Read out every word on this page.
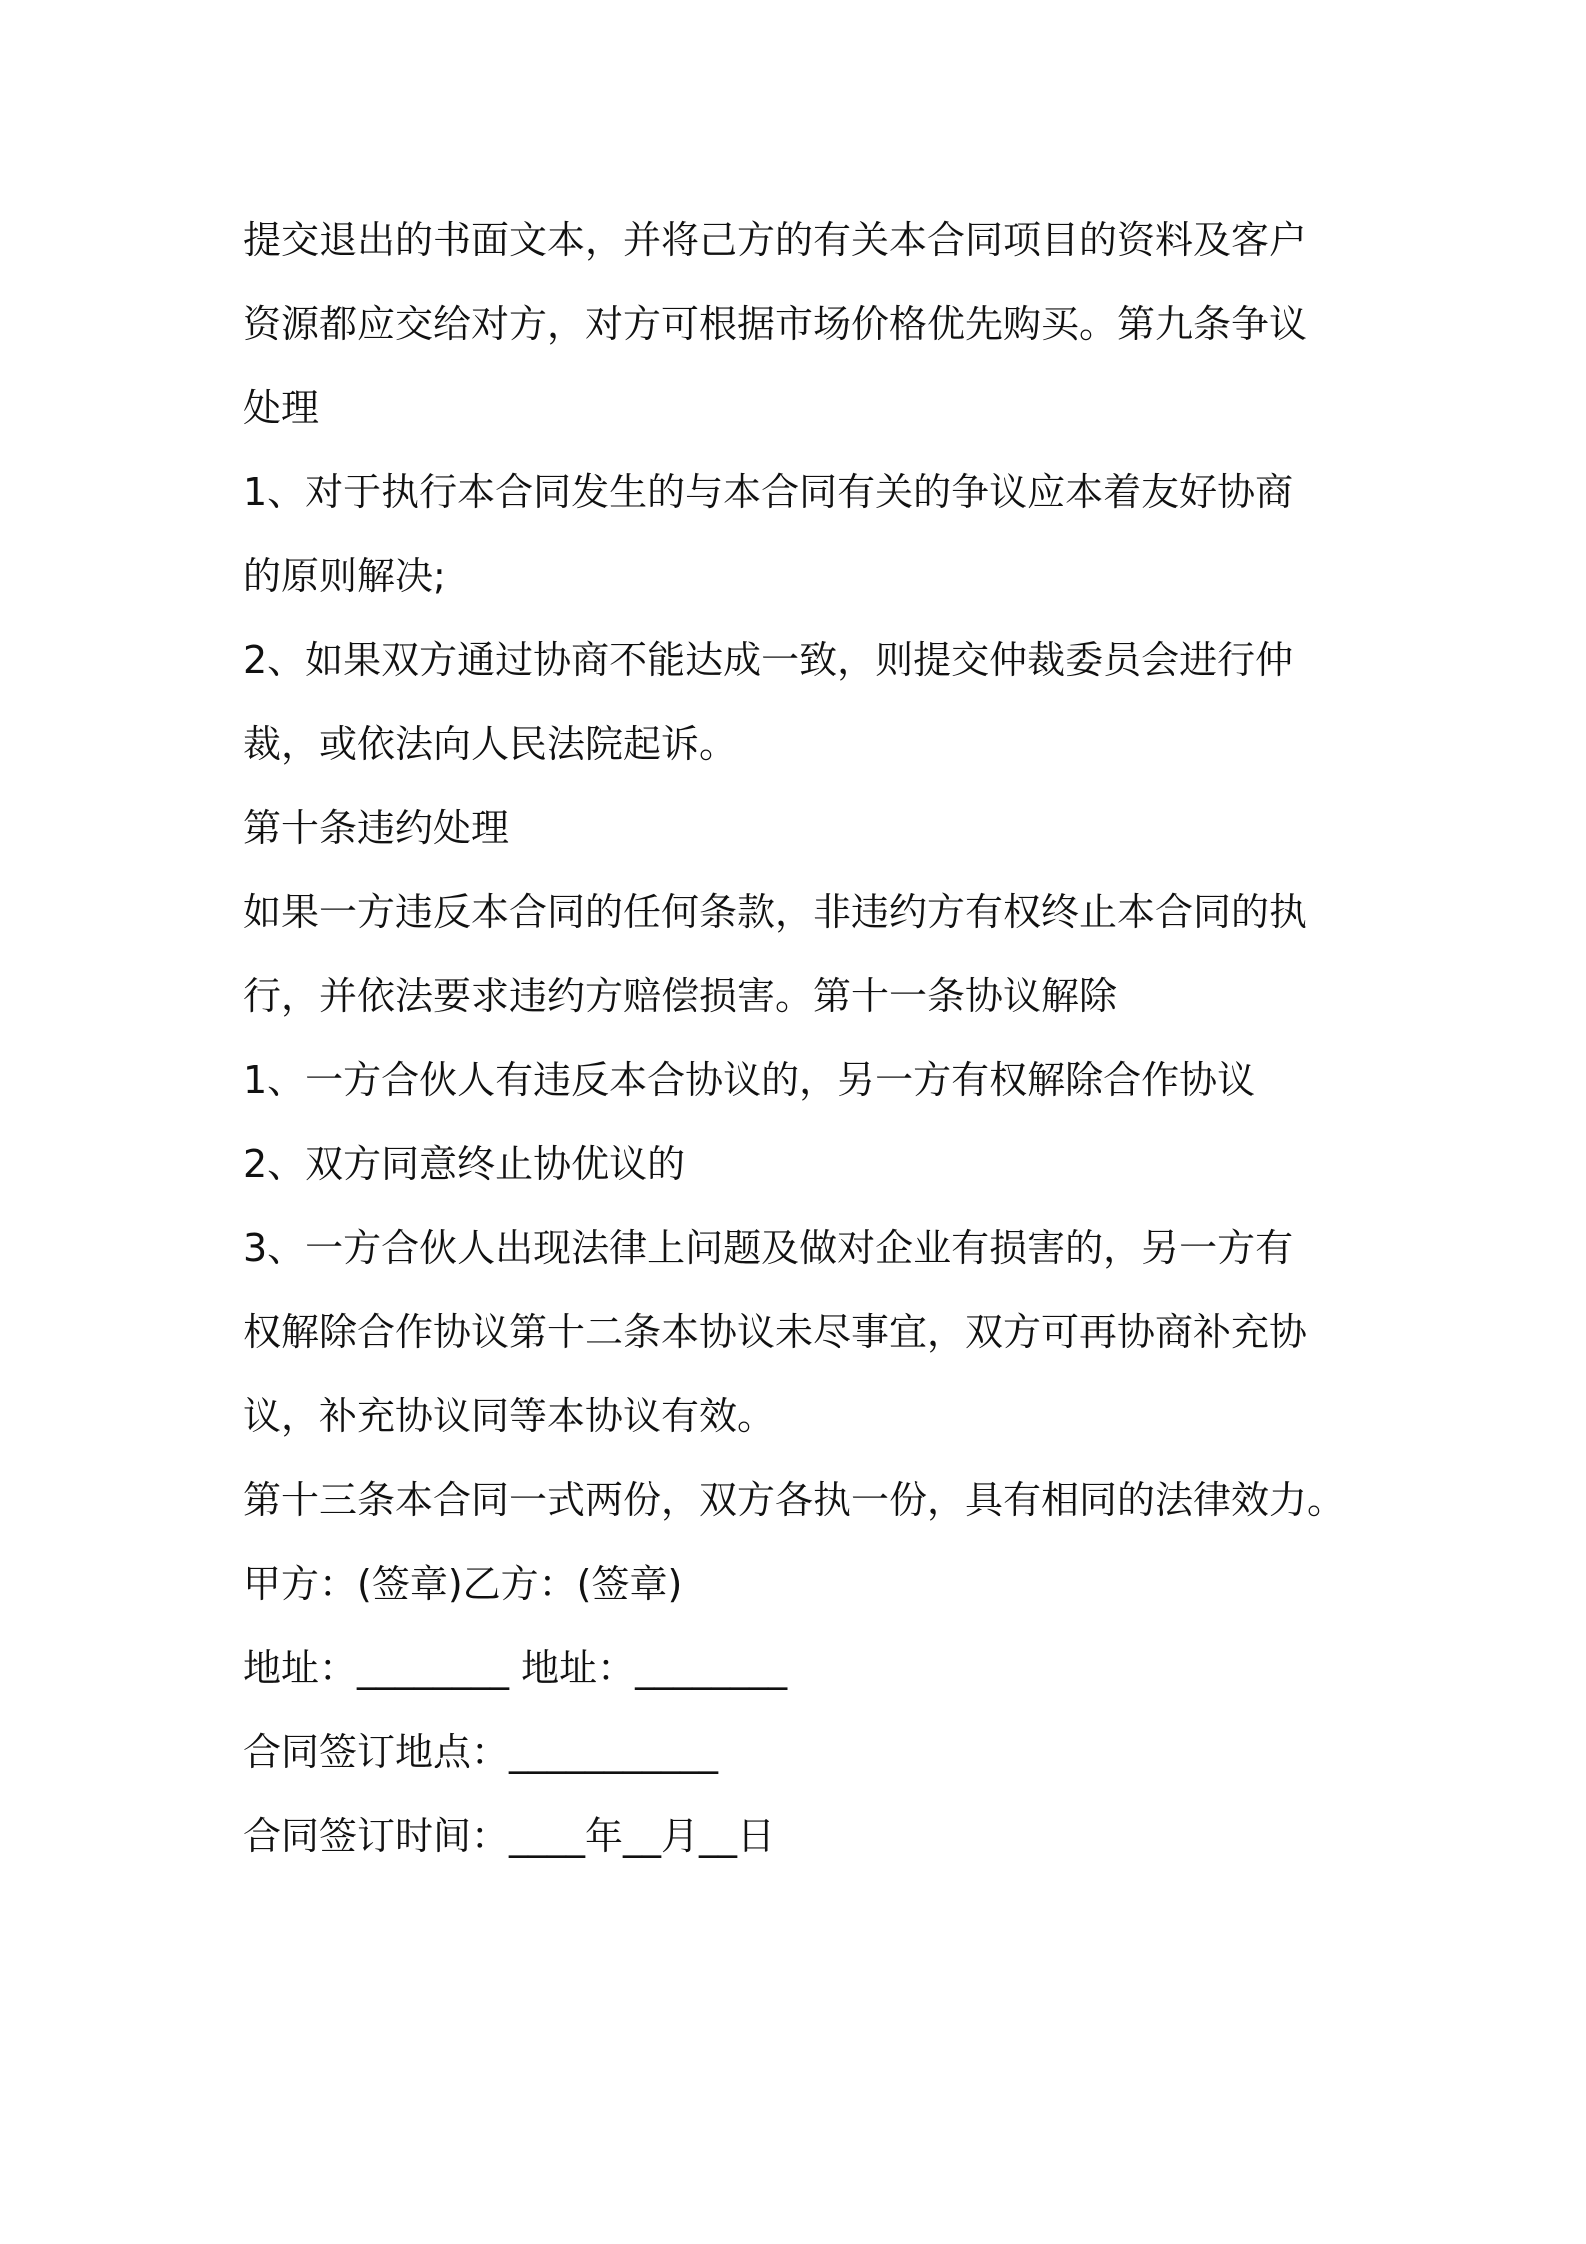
提交退出的书面文本，并将己方的有关本合同项目的资料及客户
资源都应交给对方，对方可根据市场价格优先购买。第九条争议
处理
1、对于执行本合同发生的与本合同有关的争议应本着友好协商
的原则解决;
2、如果双方通过协商不能达成一致，则提交仲裁委员会进行仲
裁，或依法向人民法院起诉。
第十条违约处理
如果一方违反本合同的任何条款，非违约方有权终止本合同的执
行，并依法要求违约方赔偿损害。第十一条协议解除
1、一方合伙人有违反本合协议的，另一方有权解除合作协议
2、双方同意终止协优议的
3、一方合伙人出现法律上问题及做对企业有损害的，另一方有
权解除合作协议第十二条本协议未尽事宜，双方可再协商补充协
议，补充协议同等本协议有效。
第十三条本合同一式两份，双方各执一份，具有相同的法律效力。
甲方：(签章)乙方：(签章)
地址：________ 地址：________
合同签订地点：___________
合同签订时间：____年__月__日
